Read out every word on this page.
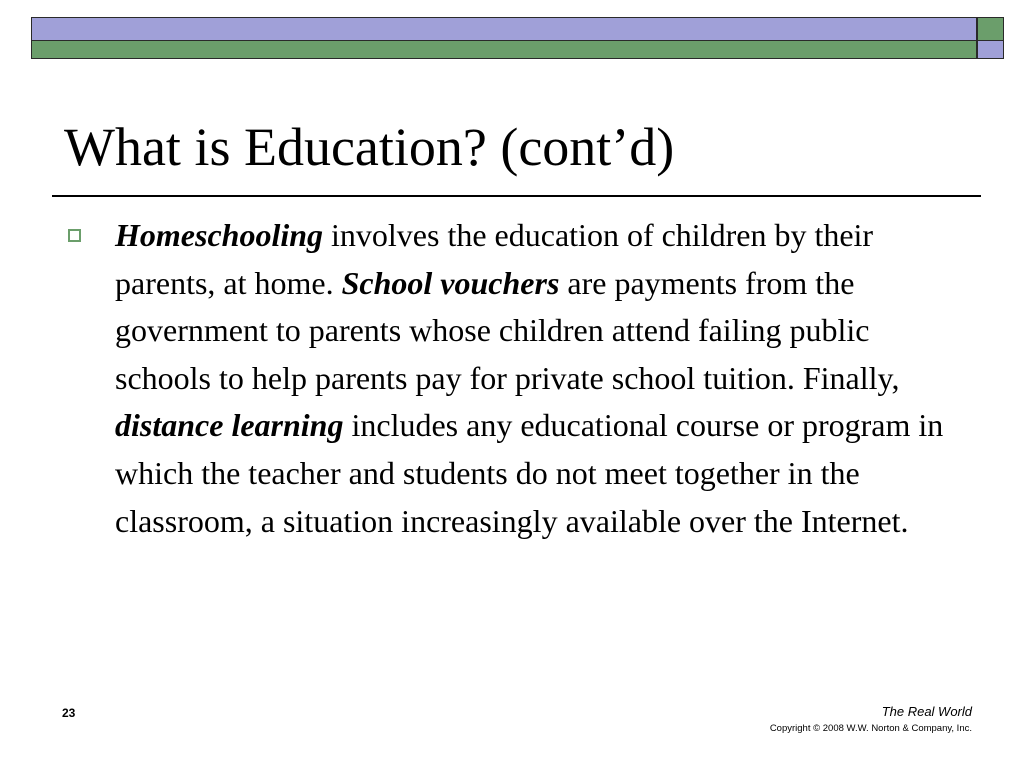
What is Education? (cont’d)
Homeschooling involves the education of children by their parents, at home. School vouchers are payments from the government to parents whose children attend failing public schools to help parents pay for private school tuition. Finally, distance learning includes any educational course or program in which the teacher and students do not meet together in the classroom, a situation increasingly available over the Internet.
23	The Real World
Copyright © 2008 W.W. Norton & Company, Inc.
